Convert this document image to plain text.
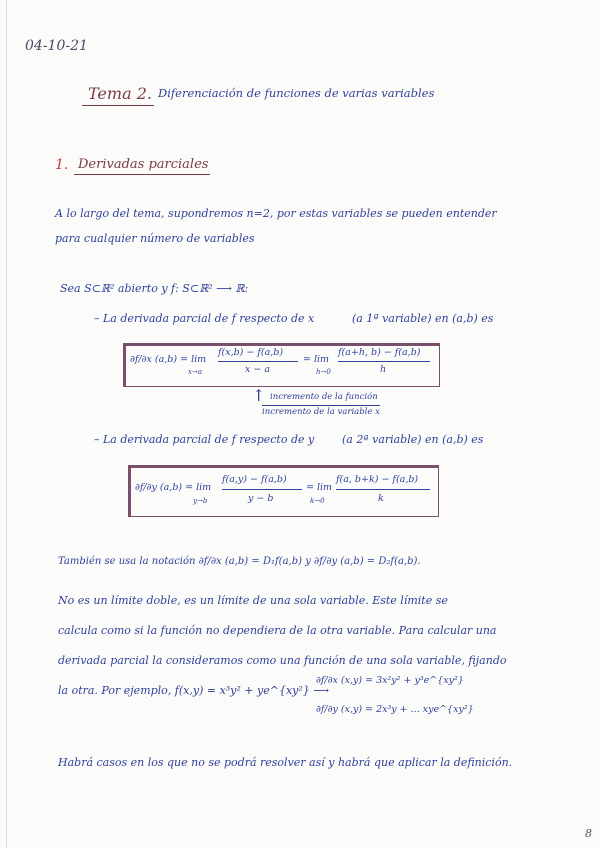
04-10-21
Tema 2. Diferenciación de funciones de varias variables
1. Derivadas parciales
A lo largo del tema, supondremos n=2, por estas variables se pueden entender
para cualquier número de variables
Sea S⊂ℝ² abierto y f: S⊂ℝ² ⟶ ℝ:
– La derivada parcial de f respecto de x	(a 1ª variable) en (a,b) es
∂f/∂x (a,b) = lim
x→a
f(x,b) − f(a,b)
x − a
= lim
h→0
f(a+h, b) − f(a,b)
h
↑ incremento de la función
incremento de la variable x
– La derivada parcial de f respecto de y	(a 2ª variable) en (a,b) es
∂f/∂y (a,b) = lim
y→b
f(a,y) − f(a,b)
y − b
= lim
k→0
f(a, b+k) − f(a,b)
k
También se usa la notación ∂f/∂x (a,b) = D₁f(a,b) y ∂f/∂y (a,b) = D₂f(a,b).
No es un límite doble, es un límite de una sola variable. Este límite se
calcula como si la función no dependiera de la otra variable. Para calcular una
derivada parcial la consideramos como una función de una sola variable, fijando
la otra. Por ejemplo, f(x,y) = x³y² + ye^{xy²} ⟶
∂f/∂x (x,y) = 3x²y² + y³e^{xy²}
∂f/∂y (x,y) = 2x³y + ... xye^{xy²}
Habrá casos en los que no se podrá resolver así y habrá que aplicar la definición.
8
